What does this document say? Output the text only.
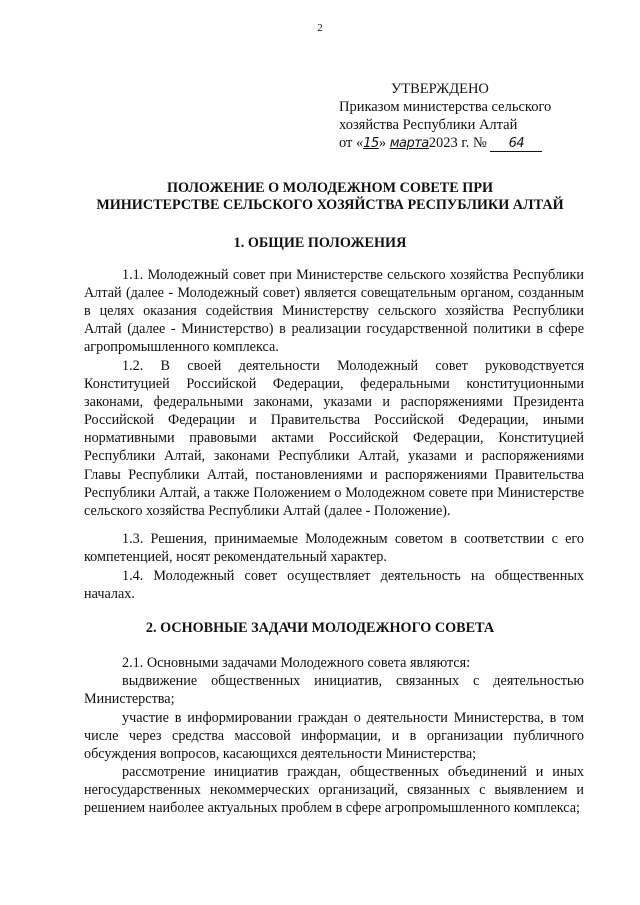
2
УТВЕРЖДЕНО
Приказом министерства сельского
хозяйства Республики Алтай
от «15» марта2023 г. № 64
ПОЛОЖЕНИЕ О МОЛОДЕЖНОМ СОВЕТЕ ПРИ
МИНИСТЕРСТВЕ СЕЛЬСКОГО ХОЗЯЙСТВА РЕСПУБЛИКИ АЛТАЙ
1. ОБЩИЕ ПОЛОЖЕНИЯ

1.1. Молодежный совет при Министерстве сельского хозяйства Республики Алтай (далее - Молодежный совет) является совещательным органом, созданным в целях оказания содействия Министерству сельского хозяйства Республики Алтай (далее - Министерство) в реализации государственной политики в сфере агропромышленного комплекса.

1.2. В своей деятельности Молодежный совет руководствуется Конституцией Российской Федерации, федеральными конституционными законами, федеральными законами, указами и распоряжениями Президента Российской Федерации и Правительства Российской Федерации, иными нормативными правовыми актами Российской Федерации, Конституцией Республики Алтай, законами Республики Алтай, указами и распоряжениями Главы Республики Алтай, постановлениями и распоряжениями Правительства Республики Алтай, а также Положением о Молодежном совете при Министерстве сельского хозяйства Республики Алтай (далее - Положение).

1.3. Решения, принимаемые Молодежным советом в соответствии с его компетенцией, носят рекомендательный характер.

1.4. Молодежный совет осуществляет деятельность на общественных началах.

2. ОСНОВНЫЕ ЗАДАЧИ МОЛОДЕЖНОГО СОВЕТА

2.1. Основными задачами Молодежного совета являются:

выдвижение общественных инициатив, связанных с деятельностью Министерства;

участие в информировании граждан о деятельности Министерства, в том числе через средства массовой информации, и в организации публичного обсуждения вопросов, касающихся деятельности Министерства;

рассмотрение инициатив граждан, общественных объединений и иных негосударственных некоммерческих организаций, связанных с выявлением и решением наиболее актуальных проблем в сфере агропромышленного комплекса;
